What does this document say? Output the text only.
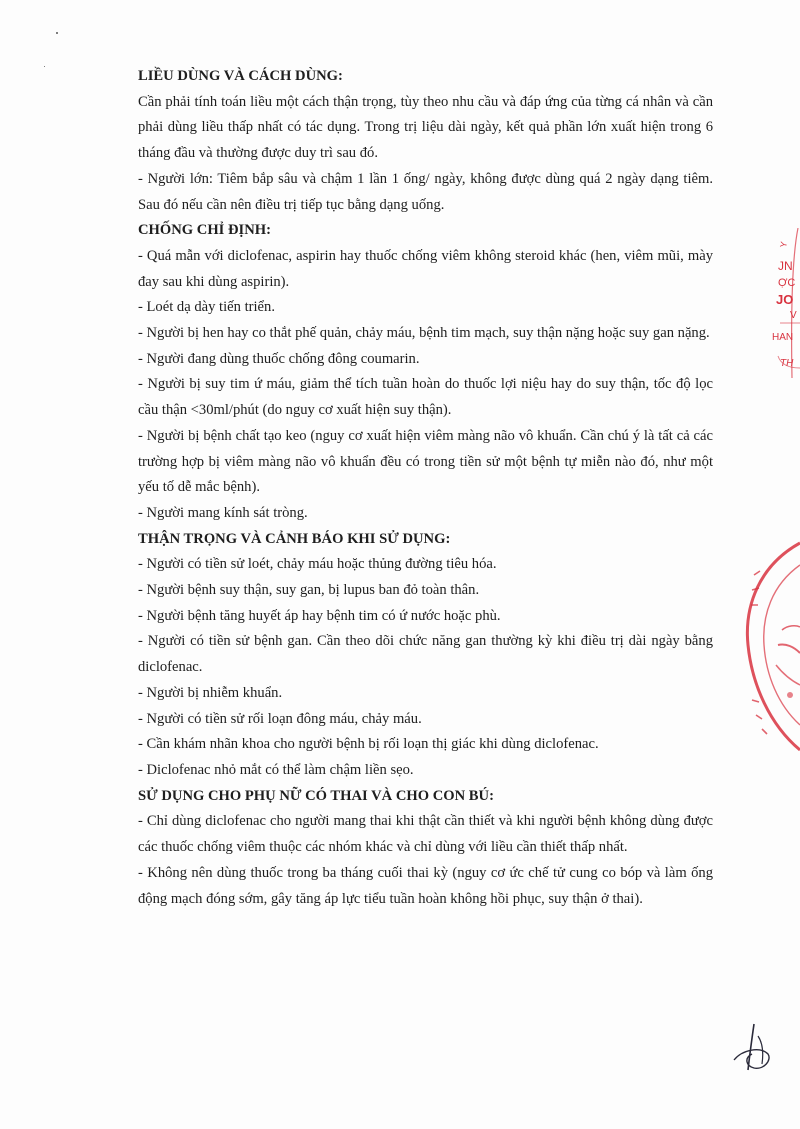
LIỀU DÙNG VÀ CÁCH DÙNG:

Cần phải tính toán liều một cách thận trọng, tùy theo nhu cầu và đáp ứng của từng cá nhân và cần phải dùng liều thấp nhất có tác dụng. Trong trị liệu dài ngày, kết quả phần lớn xuất hiện trong 6 tháng đầu và thường được duy trì sau đó.

- Người lớn: Tiêm bắp sâu và chậm 1 lần 1 ống/ ngày, không được dùng quá 2 ngày dạng tiêm. Sau đó nếu cần nên điều trị tiếp tục bằng dạng uống.

CHỐNG CHỈ ĐỊNH:

- Quá mẫn với diclofenac, aspirin hay thuốc chống viêm không steroid khác (hen, viêm mũi, mày đay sau khi dùng aspirin).

- Loét dạ dày tiến triển.

- Người bị hen hay co thắt phế quản, chảy máu, bệnh tim mạch, suy thận nặng hoặc suy gan nặng.

- Người đang dùng thuốc chống đông coumarin.

- Người bị suy tim ứ máu, giảm thể tích tuần hoàn do thuốc lợi niệu hay do suy thận, tốc độ lọc cầu thận <30ml/phút (do nguy cơ xuất hiện suy thận).

- Người bị bệnh chất tạo keo (nguy cơ xuất hiện viêm màng não vô khuẩn. Cần chú ý là tất cả các trường hợp bị viêm màng não vô khuẩn đều có trong tiền sử một bệnh tự miễn nào đó, như một yếu tố dễ mắc bệnh).

- Người mang kính sát tròng.

THẬN TRỌNG VÀ CẢNH BÁO KHI SỬ DỤNG:

- Người có tiền sử loét, chảy máu hoặc thủng đường tiêu hóa.

- Người bệnh suy thận, suy gan, bị lupus ban đỏ toàn thân.

- Người bệnh tăng huyết áp hay bệnh tim có ứ nước hoặc phù.

- Người có tiền sử bệnh gan. Cần theo dõi chức năng gan thường kỳ khi điều trị dài ngày bằng diclofenac.

- Người bị nhiễm khuẩn.

- Người có tiền sử rối loạn đông máu, chảy máu.

- Cần khám nhãn khoa cho người bệnh bị rối loạn thị giác khi dùng diclofenac.

- Diclofenac nhỏ mắt có thể làm chậm liền sẹo.

SỬ DỤNG CHO PHỤ NỮ CÓ THAI VÀ CHO CON BÚ:

- Chỉ dùng diclofenac cho người mang thai khi thật cần thiết và khi người bệnh không dùng được các thuốc chống viêm thuộc các nhóm khác và chỉ dùng với liều cần thiết thấp nhất.

- Không nên dùng thuốc trong ba tháng cuối thai kỳ (nguy cơ ức chế tử cung co bóp và làm ống động mạch đóng sớm, gây tăng áp lực tiểu tuần hoàn không hồi phục, suy thận ở thai).

Y
JN
ỢC
JO
V
HAN
TH
